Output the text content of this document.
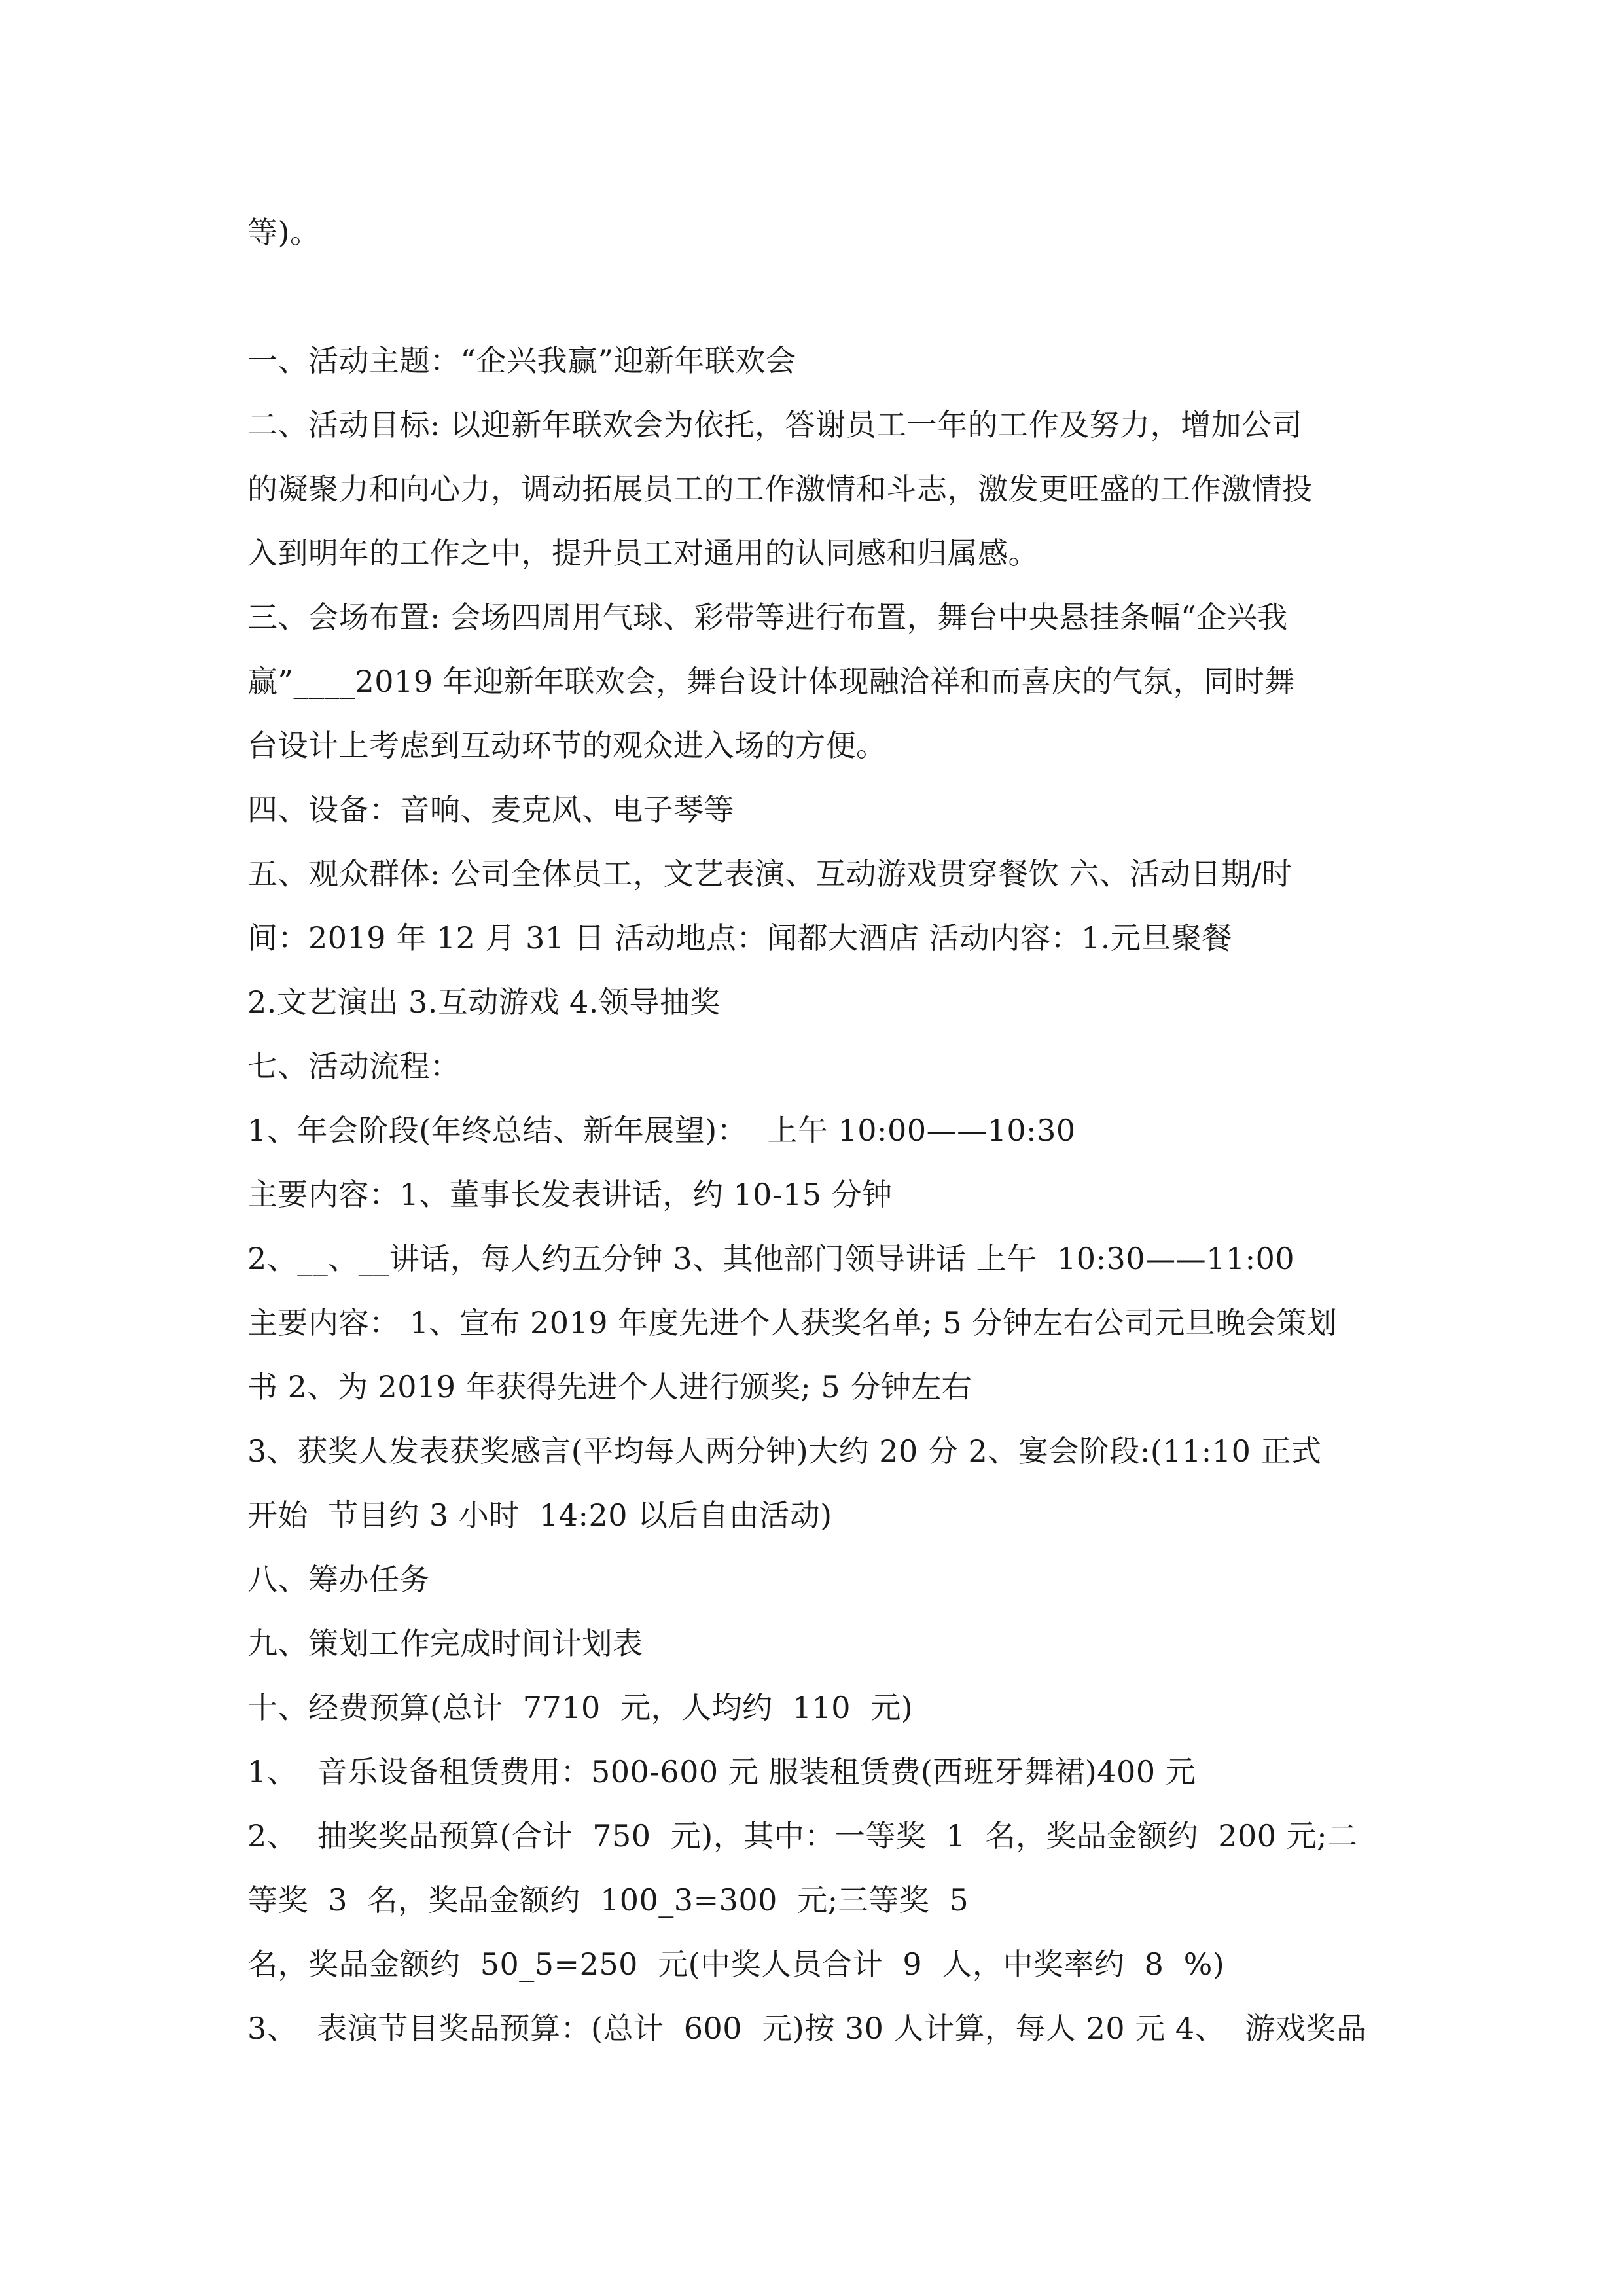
等)。
一、活动主题：“企兴我赢”迎新年联欢会
二、活动目标: 以迎新年联欢会为依托，答谢员工一年的工作及努力，增加公司
的凝聚力和向心力，调动拓展员工的工作激情和斗志，激发更旺盛的工作激情投
入到明年的工作之中，提升员工对通用的认同感和归属感。
三、会场布置: 会场四周用气球、彩带等进行布置，舞台中央悬挂条幅“企兴我
赢”____2019 年迎新年联欢会，舞台设计体现融洽祥和而喜庆的气氛，同时舞
台设计上考虑到互动环节的观众进入场的方便。
四、设备：音响、麦克风、电子琴等
五、观众群体: 公司全体员工，文艺表演、互动游戏贯穿餐饮 六、活动日期/时
间：2019 年 12 月 31 日 活动地点：闻都大酒店 活动内容：1.元旦聚餐
2.文艺演出 3.互动游戏 4.领导抽奖
七、活动流程：
1、年会阶段(年终总结、新年展望)：  上午 10:00——10:30
主要内容：1、董事长发表讲话，约 10-15 分钟
2、__、__讲话，每人约五分钟 3、其他部门领导讲话 上午  10:30——11:00
主要内容： 1、宣布 2019 年度先进个人获奖名单; 5 分钟左右公司元旦晚会策划
书 2、为 2019 年获得先进个人进行颁奖; 5 分钟左右
3、获奖人发表获奖感言(平均每人两分钟)大约 20 分 2、宴会阶段:(11:10 正式
开始  节目约 3 小时  14:20 以后自由活动)
八、筹办任务
九、策划工作完成时间计划表
十、经费预算(总计  7710  元，人均约  110  元)
1、  音乐设备租赁费用：500-600 元 服装租赁费(西班牙舞裙)400 元
2、  抽奖奖品预算(合计  750  元)，其中：一等奖  1  名，奖品金额约  200 元;二
等奖  3  名，奖品金额约  100_3=300  元;三等奖  5
名，奖品金额约  50_5=250  元(中奖人员合计  9  人，中奖率约  8  %)
3、  表演节目奖品预算：(总计  600  元)按 30 人计算，每人 20 元 4、  游戏奖品
